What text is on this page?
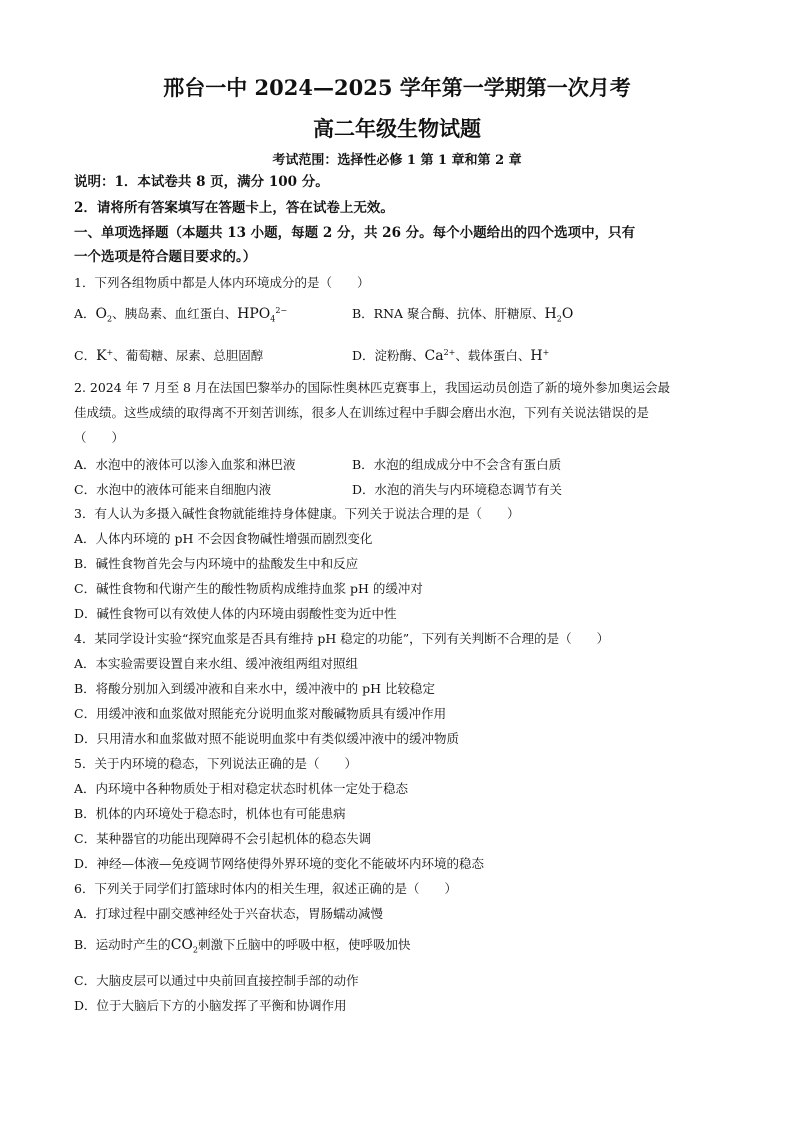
邢台一中 2024—2025 学年第一学期第一次月考
高二年级生物试题
考试范围：选择性必修 1 第 1 章和第 2 章
说明：1．本试卷共 8 页，满分 100 分。
2．请将所有答案填写在答题卡上，答在试卷上无效。
一、单项选择题（本题共 13 小题，每题 2 分，共 26 分。每个小题给出的四个选项中，只有
一个选项是符合题目要求的。）
1．下列各组物质中都是人体内环境成分的是（　　）
A．$O_2$、胰岛素、血红蛋白、$HPO_4^{2-}$	B．RNA 聚合酶、抗体、肝糖原、$H_2O$
C．K+、葡萄糖、尿素、总胆固醇	D．淀粉酶、$Ca^{2+}$、载体蛋白、H+
2. 2024 年 7 月至 8 月在法国巴黎举办的国际性奥林匹克赛事上，我国运动员创造了新的境外参加奥运会最
佳成绩。这些成绩的取得离不开刻苦训练，很多人在训练过程中手脚会磨出水泡，下列有关说法错误的是
（　　）
A．水泡中的液体可以渗入血浆和淋巴液	B．水泡的组成成分中不会含有蛋白质
C．水泡中的液体可能来自细胞内液	D．水泡的消失与内环境稳态调节有关
3．有人认为多摄入碱性食物就能维持身体健康。下列关于说法合理的是（　　）
A．人体内环境的 pH 不会因食物碱性增强而剧烈变化
B．碱性食物首先会与内环境中的盐酸发生中和反应
C．碱性食物和代谢产生的酸性物质构成维持血浆 pH 的缓冲对
D．碱性食物可以有效使人体的内环境由弱酸性变为近中性
4．某同学设计实验“探究血浆是否具有维持 pH 稳定的功能”，下列有关判断不合理的是（　　）
A．本实验需要设置自来水组、缓冲液组两组对照组
B．将酸分别加入到缓冲液和自来水中，缓冲液中的 pH 比较稳定
C．用缓冲液和血浆做对照能充分说明血浆对酸碱物质具有缓冲作用
D．只用清水和血浆做对照不能说明血浆中有类似缓冲液中的缓冲物质
5．关于内环境的稳态，下列说法正确的是（　　）
A．内环境中各种物质处于相对稳定状态时机体一定处于稳态
B．机体的内环境处于稳态时，机体也有可能患病
C．某种器官的功能出现障碍不会引起机体的稳态失调
D．神经—体液—免疫调节网络使得外界环境的变化不能破坏内环境的稳态
6．下列关于同学们打篮球时体内的相关生理，叙述正确的是（　　）
A．打球过程中副交感神经处于兴奋状态，胃肠蠕动减慢
B．运动时产生的$CO_2$刺激下丘脑中的呼吸中枢，使呼吸加快
C．大脑皮层可以通过中央前回直接控制手部的动作
D．位于大脑后下方的小脑发挥了平衡和协调作用
